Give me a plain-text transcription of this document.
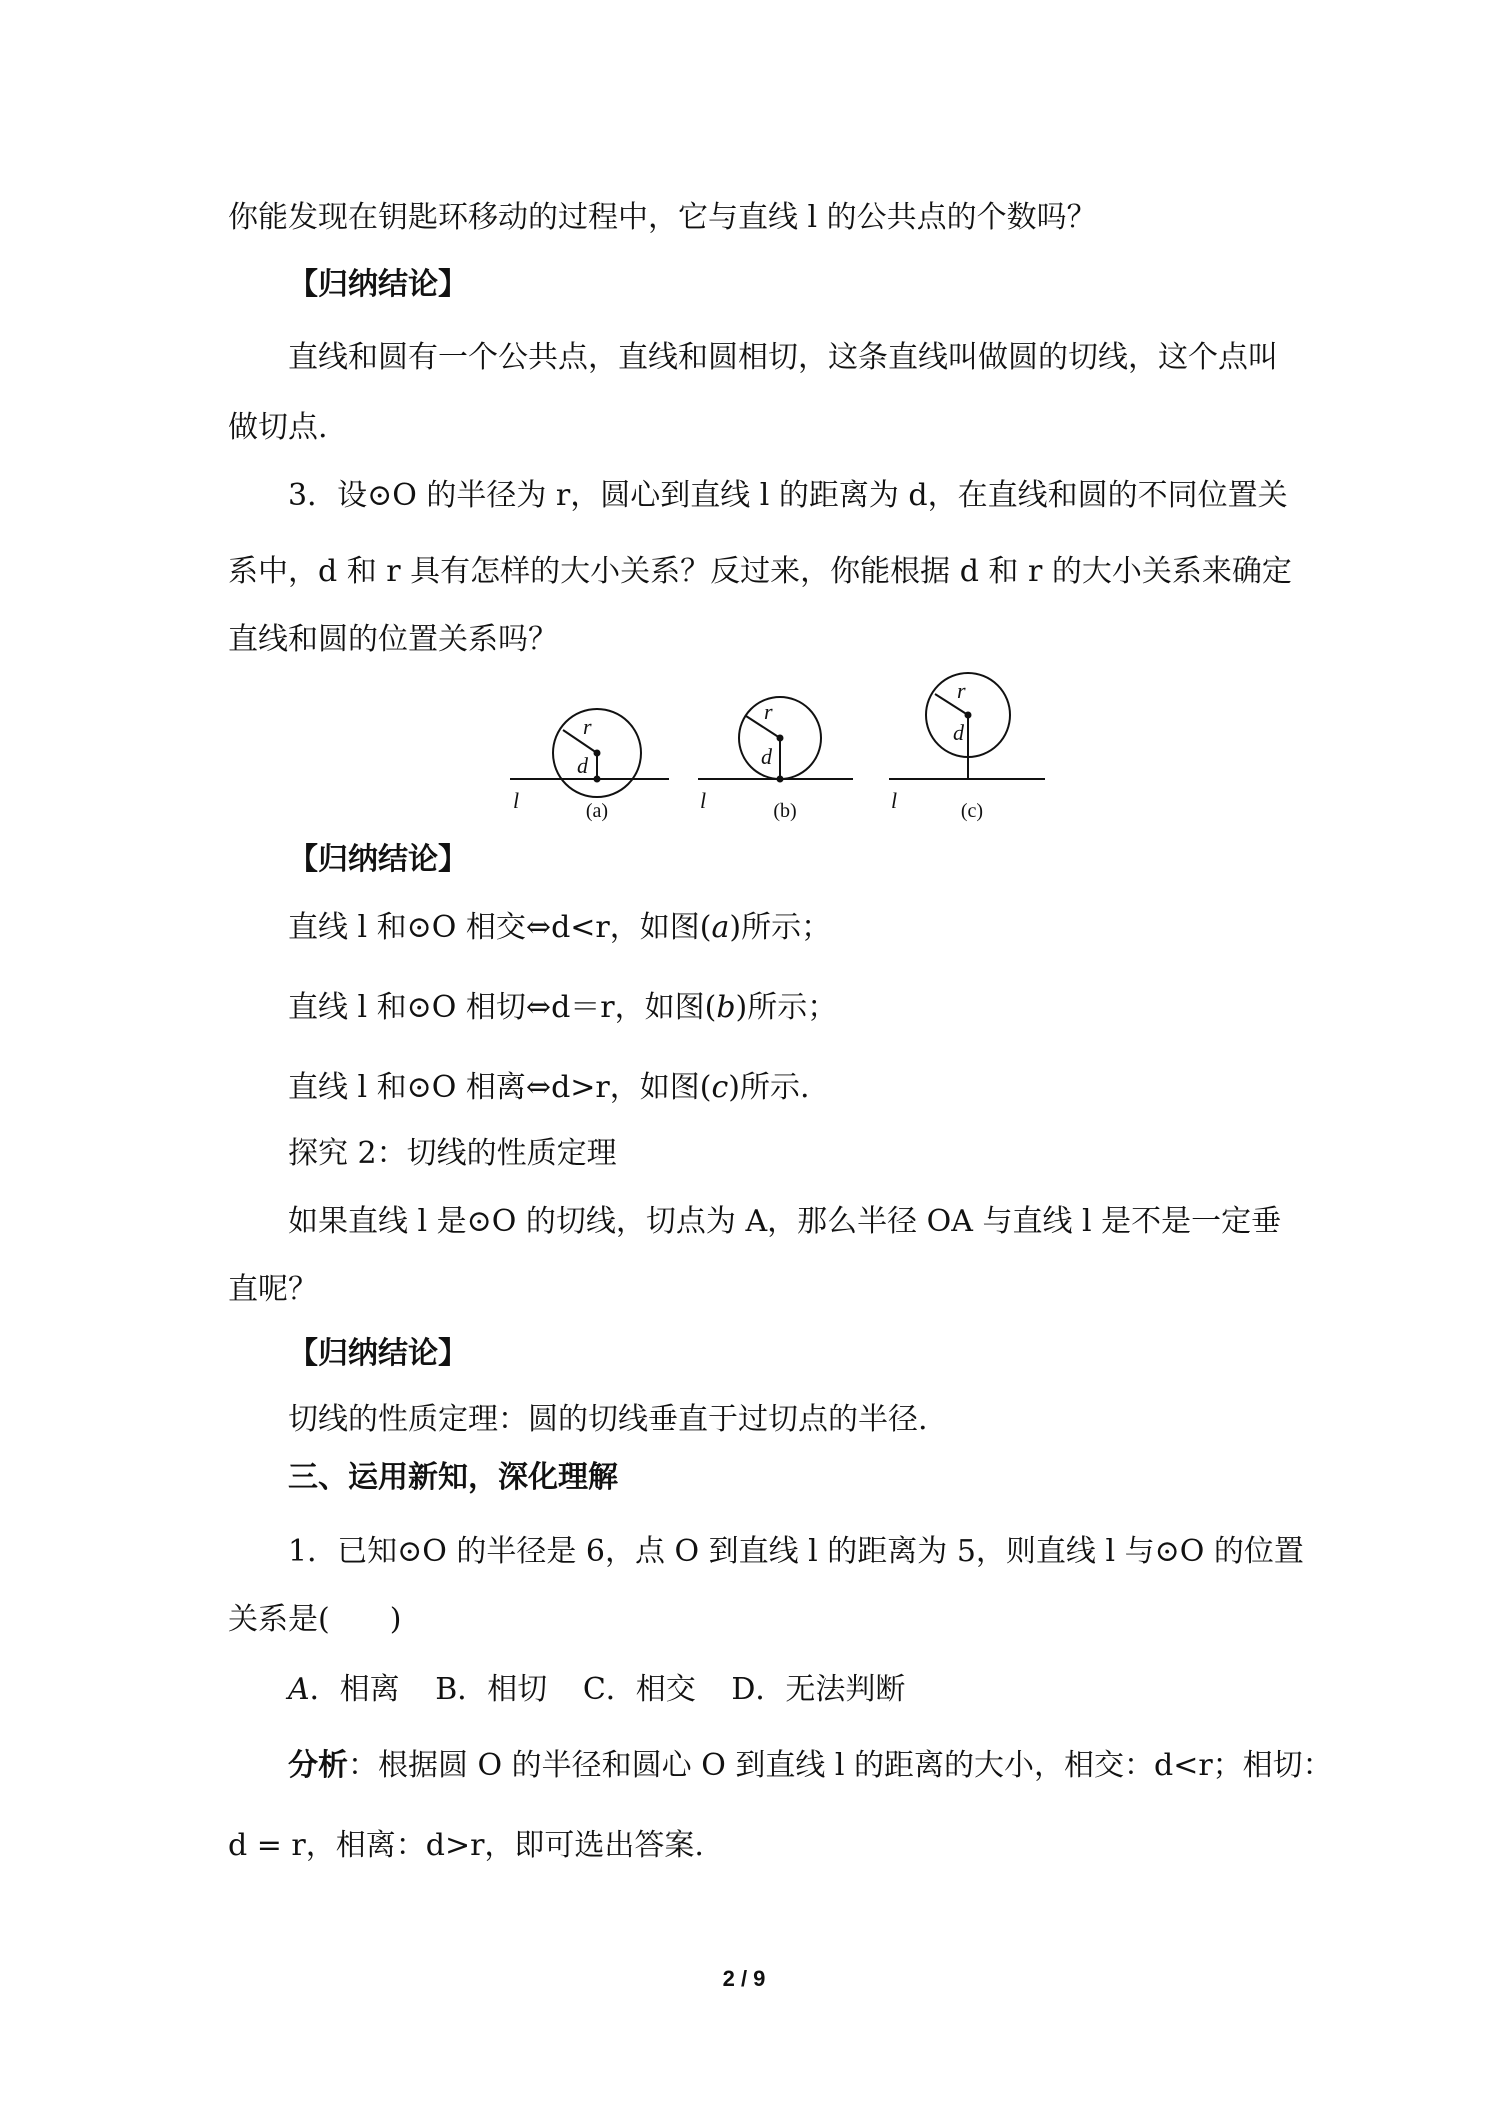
你能发现在钥匙环移动的过程中，它与直线 l 的公共点的个数吗？
【归纳结论】
直线和圆有一个公共点，直线和圆相切，这条直线叫做圆的切线，这个点叫
做切点.
3．设⊙O 的半径为 r，圆心到直线 l 的距离为 d，在直线和圆的不同位置关
系中，d 和 r 具有怎样的大小关系？反过来，你能根据 d 和 r 的大小关系来确定
直线和圆的位置关系吗？
r
d
l
r
d
l
r
d
l
(a)	(b)	(c)
【归纳结论】
直线 l 和⊙O 相交⇔d<r，如图(a)所示；
直线 l 和⊙O 相切⇔d＝r，如图(b)所示；
直线 l 和⊙O 相离⇔d>r，如图(c)所示.
探究 2：切线的性质定理
如果直线 l 是⊙O 的切线，切点为 A，那么半径 OA 与直线 l 是不是一定垂
直呢？
【归纳结论】
切线的性质定理：圆的切线垂直于过切点的半径.
三、运用新知，深化理解
1．已知⊙O 的半径是 6，点 O 到直线 l 的距离为 5，则直线 l 与⊙O 的位置
关系是(　　)
A．相离 B．相切 C．相交 D．无法判断
分析：根据圆 O 的半径和圆心 O 到直线 l 的距离的大小，相交：d<r；相切：
d = r，相离：d>r，即可选出答案.
2 / 9
